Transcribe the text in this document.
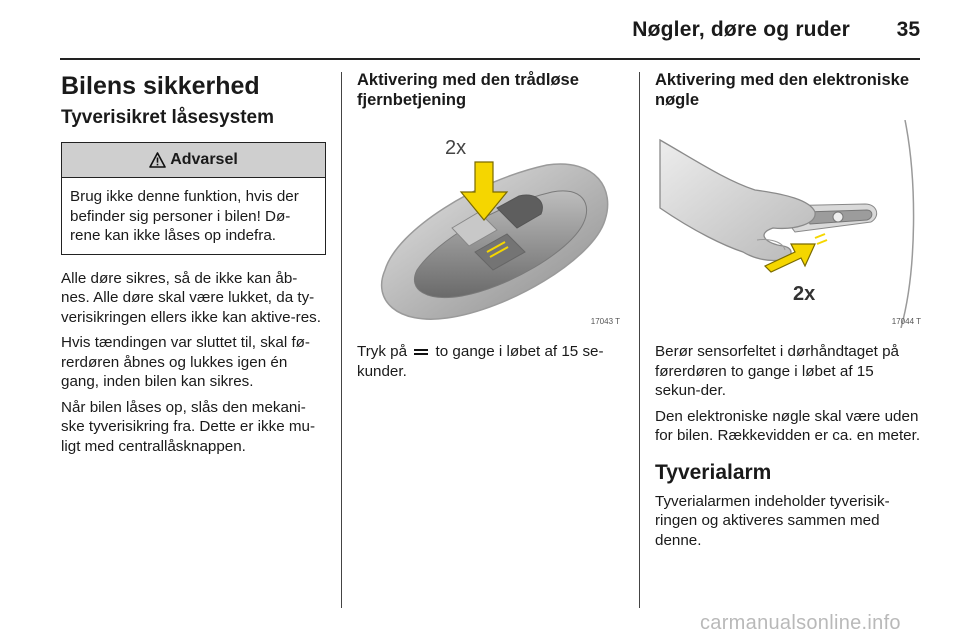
Nøgler, døre og ruder 35
Bilens sikkerhed
Tyverisikret låsesystem
Advarsel
Brug ikke denne funktion, hvis der befinder sig personer i bilen! Dø-rene kan ikke låses op indefra.

Alle døre sikres, så de ikke kan åb-nes. Alle døre skal være lukket, da ty-verisikringen ellers ikke kan aktive-res.

Hvis tændingen var sluttet til, skal fø-rerdøren åbnes og lukkes igen én gang, inden bilen kan sikres.

Når bilen låses op, slås den mekani-ske tyverisikring fra. Dette er ikke mu-ligt med centrallåsknappen.

Aktivering med den trådløse fjernbetjening
2x
17043 T

Tryk på to gange i løbet af 15 se-kunder.

Aktivering med den elektroniske nøgle
2x
17044 T

Berør sensorfeltet i dørhåndtaget på førerdøren to gange i løbet af 15 sekun-der.

Den elektroniske nøgle skal være uden for bilen. Rækkevidden er ca. en meter.

Tyverialarm

Tyverialarmen indeholder tyverisik-ringen og aktiveres sammen med denne.

carmanualsonline.info
